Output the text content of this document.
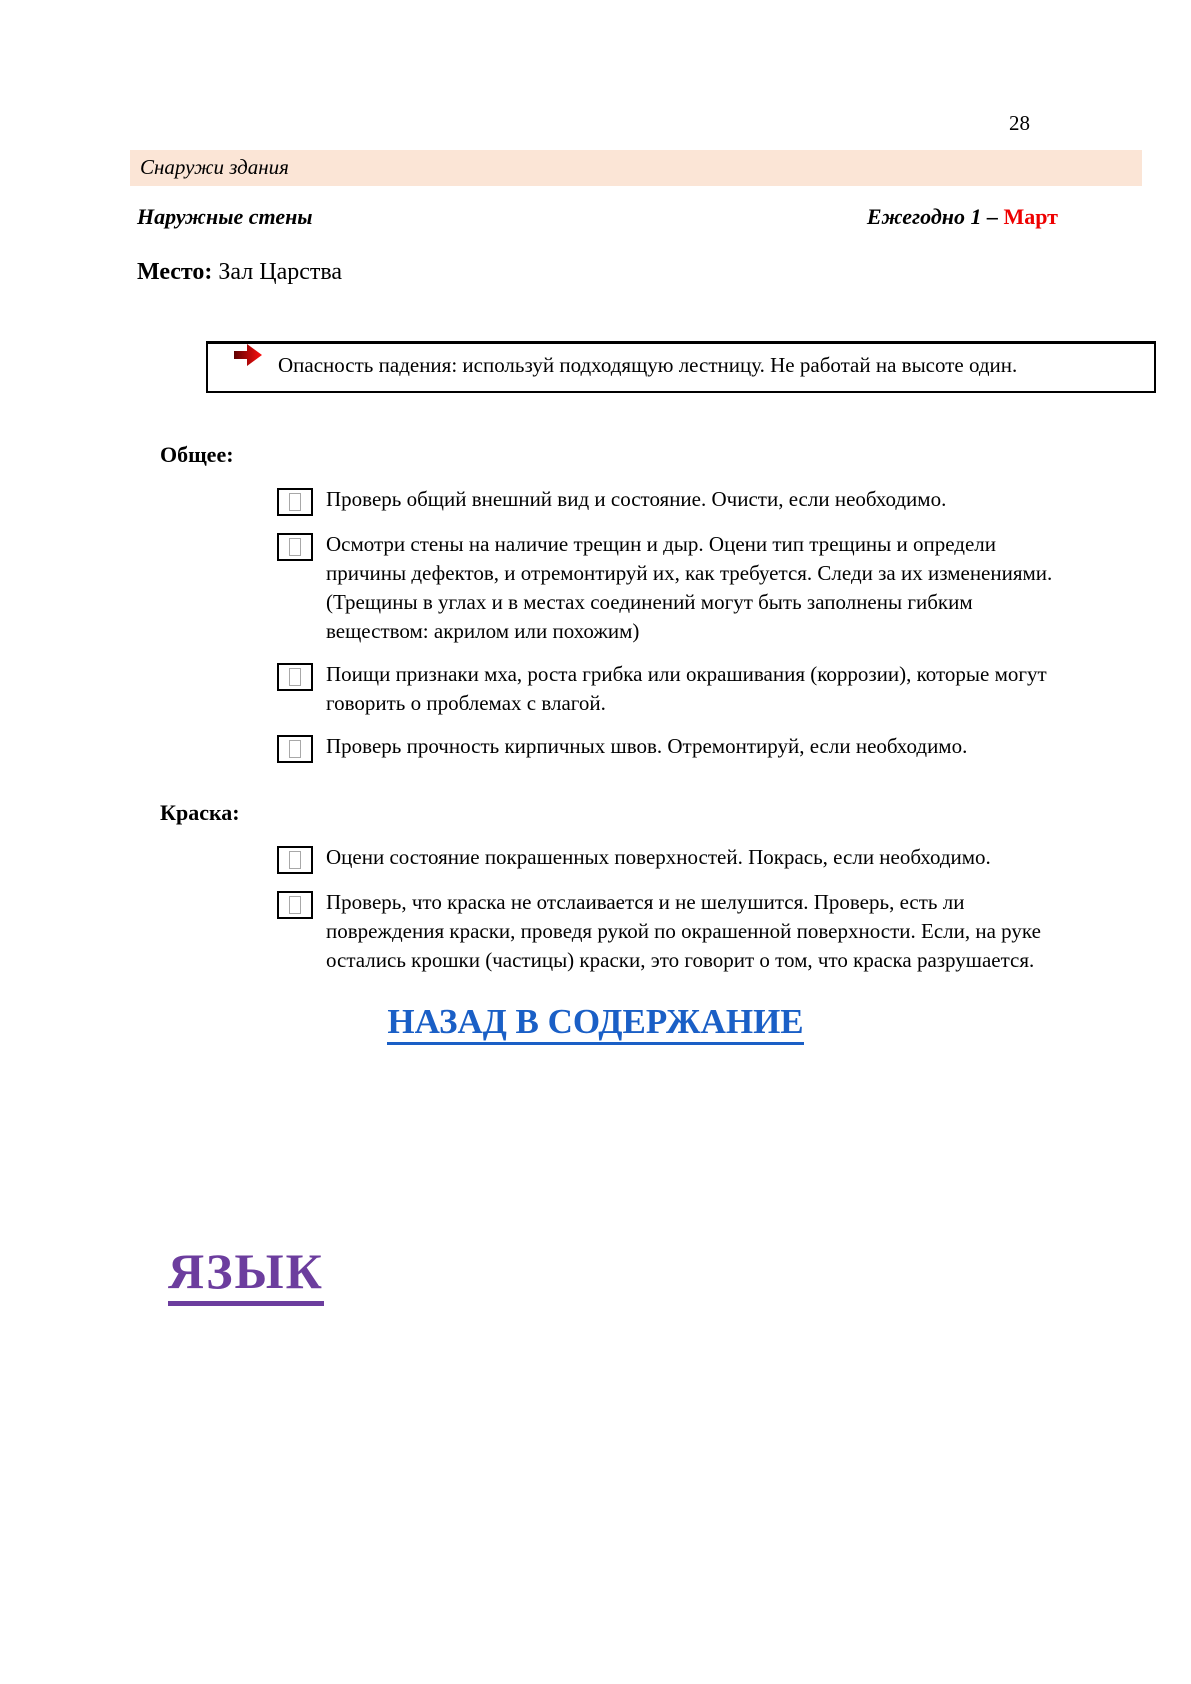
28
Снаружи здания
Наружные стены	Ежегодно 1 – Март
Место: Зал Царства
Опасность падения: используй подходящую лестницу. Не работай на высоте один.
Общее:
Проверь общий внешний вид и состояние. Очисти, если необходимо.
Осмотри стены на наличие трещин и дыр. Оцени тип трещины и определи причины дефектов, и отремонтируй их, как требуется. Следи за их изменениями. (Трещины в углах и в местах соединений могут быть заполнены гибким веществом: акрилом или похожим)
Поищи признаки мха, роста грибка или окрашивания (коррозии), которые могут говорить о проблемах с влагой.
Проверь прочность кирпичных швов. Отремонтируй, если необходимо.
Краска:
Оцени состояние покрашенных поверхностей. Покрась, если необходимо.
Проверь, что краска не отслаивается и не шелушится. Проверь, есть ли повреждения краски, проведя рукой по окрашенной поверхности. Если, на руке остались крошки (частицы) краски, это говорит о том, что краска разрушается.
НАЗАД В СОДЕРЖАНИЕ
ЯЗЫК
